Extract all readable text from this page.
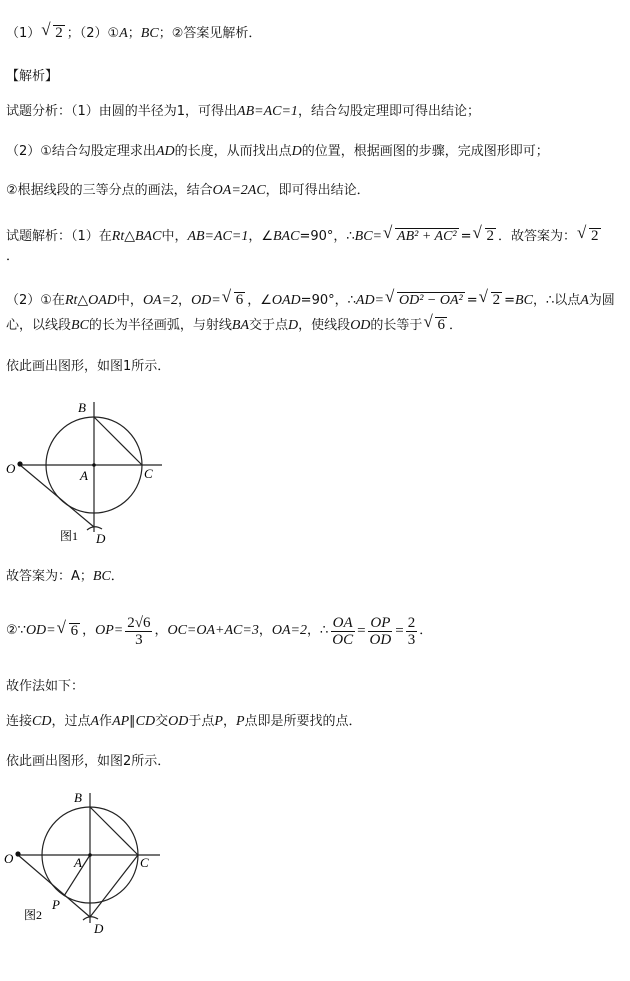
（1） √ 2 ；（2）①A；BC；②答案见解析．
【解析】
试题分析：（1）由圆的半径为1，可得出AB=AC=1，结合勾股定理即可得出结论；
（2）①结合勾股定理求出AD的长度，从而找出点D的位置，根据画图的步骤，完成图形即可；
②根据线段的三等分点的画法，结合OA=2AC，即可得出结论．
试题解析：（1）在Rt△BAC中，AB=AC=1，∠BAC=90°，∴BC= √ AB² + AC² = √ 2 ．故答案为： √ 2
．
（2）①在Rt△OAD中，OA=2，OD= √ 6 ，∠OAD=90°，∴AD= √ OD² − OA² = √ 2 =BC，∴以点A为圆
心，以线段BC的长为半径画弧，与射线BA交于点D，使线段OD的长等于 √ 6 ．
依此画出图形，如图1所示．
B
O	A	C
D
图1
故答案为：A；BC．
②∵ OD=	√ 6 ， $OP= \frac{2√6}{3}$ ， OC=OA+AC=3 ， OA=2 ，∴ $\frac{OA}{OC} = \frac{OP}{OD} = \frac{2}{3}$ ．
故作法如下：
连接CD，过点A作AP∥CD交OD于点P，P点即是所要找的点．
依此画出图形，如图2所示．
B
O	A	C
P
D
图2
